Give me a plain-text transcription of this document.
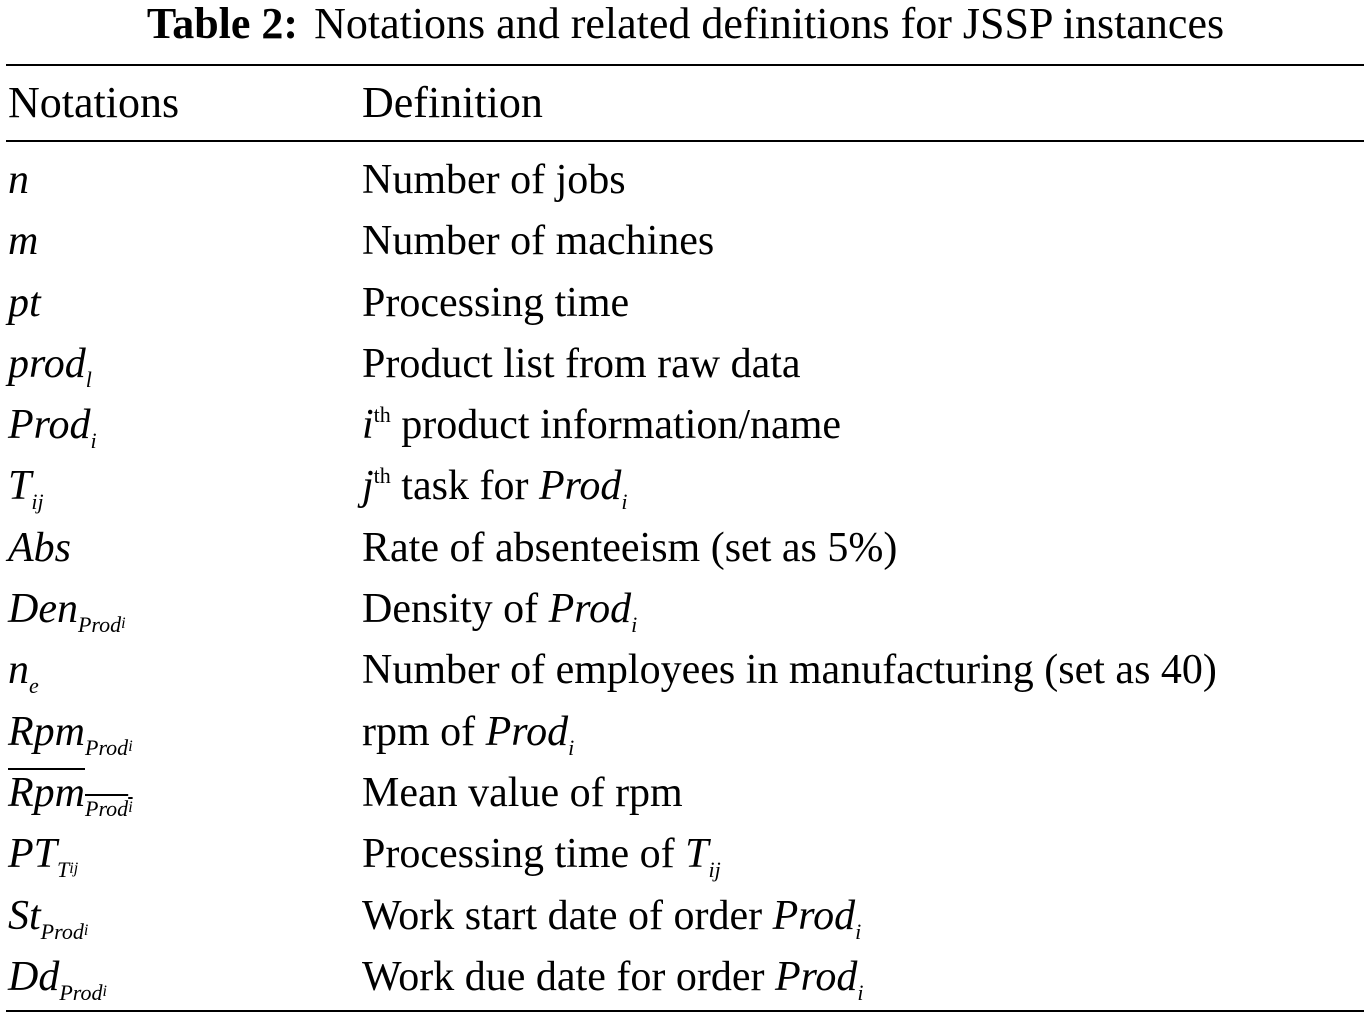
Table 2: Notations and related definitions for JSSP instances
Notations	Definition
n	Number of jobs
m	Number of machines
pt	Processing time
prod$_l$	Product list from raw data
Prod$_i$	$i^{th}$ product information/name
$T_{ij}$	$j^{th}$ task for Prod$_i$
Abs	Rate of absenteeism (set as 5%)
Den$_{Prod}$i	Density of Prod$_i$
$n_e$	Number of employees in manufacturing (set as 40)
Rpm$_{Prod}$i	rpm of Prod$_i$
Rpm$_{Prod}$i	Mean value of rpm
$PT_Tij$	Processing time of $T_{ij}$
$St_{Prod}i$	Work start date of order Prod$_i$
$Dd_{Prod}i$	Work due date for order Prod$_i$
